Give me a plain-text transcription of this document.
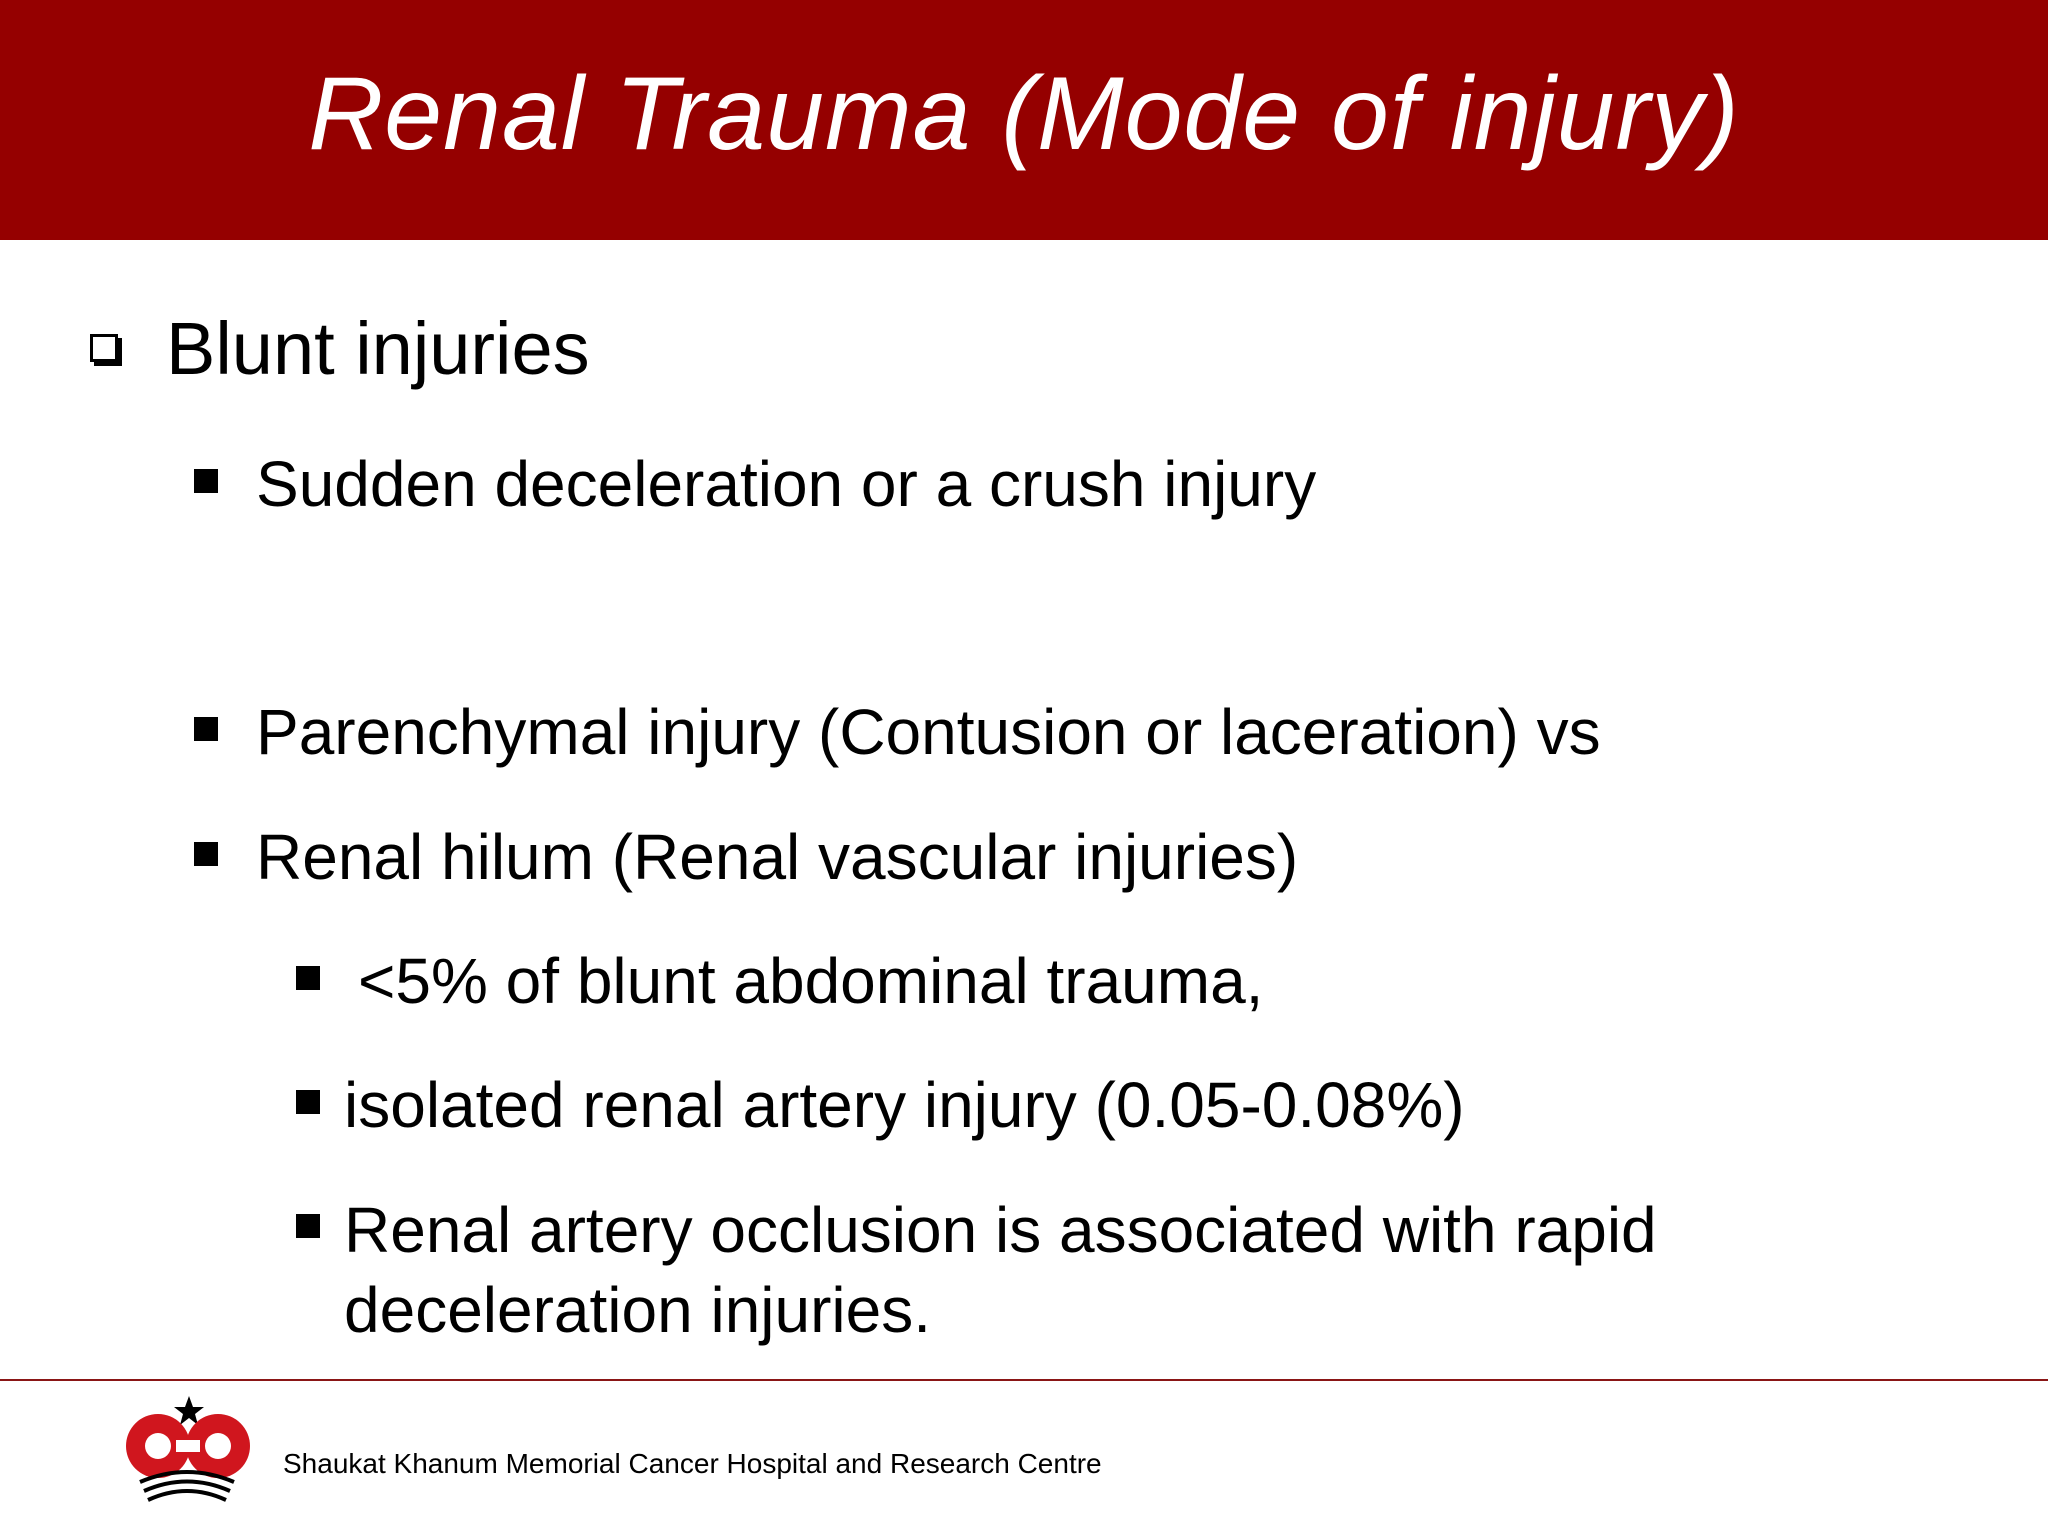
Renal Trauma (Mode of injury)
Blunt injuries
Sudden deceleration or a crush injury
Parenchymal injury (Contusion or laceration) vs
Renal hilum (Renal vascular injuries)
<5% of blunt abdominal trauma,
isolated renal artery injury (0.05-0.08%)
Renal artery occlusion is associated with rapid deceleration injuries.
Shaukat Khanum Memorial Cancer Hospital and Research Centre
